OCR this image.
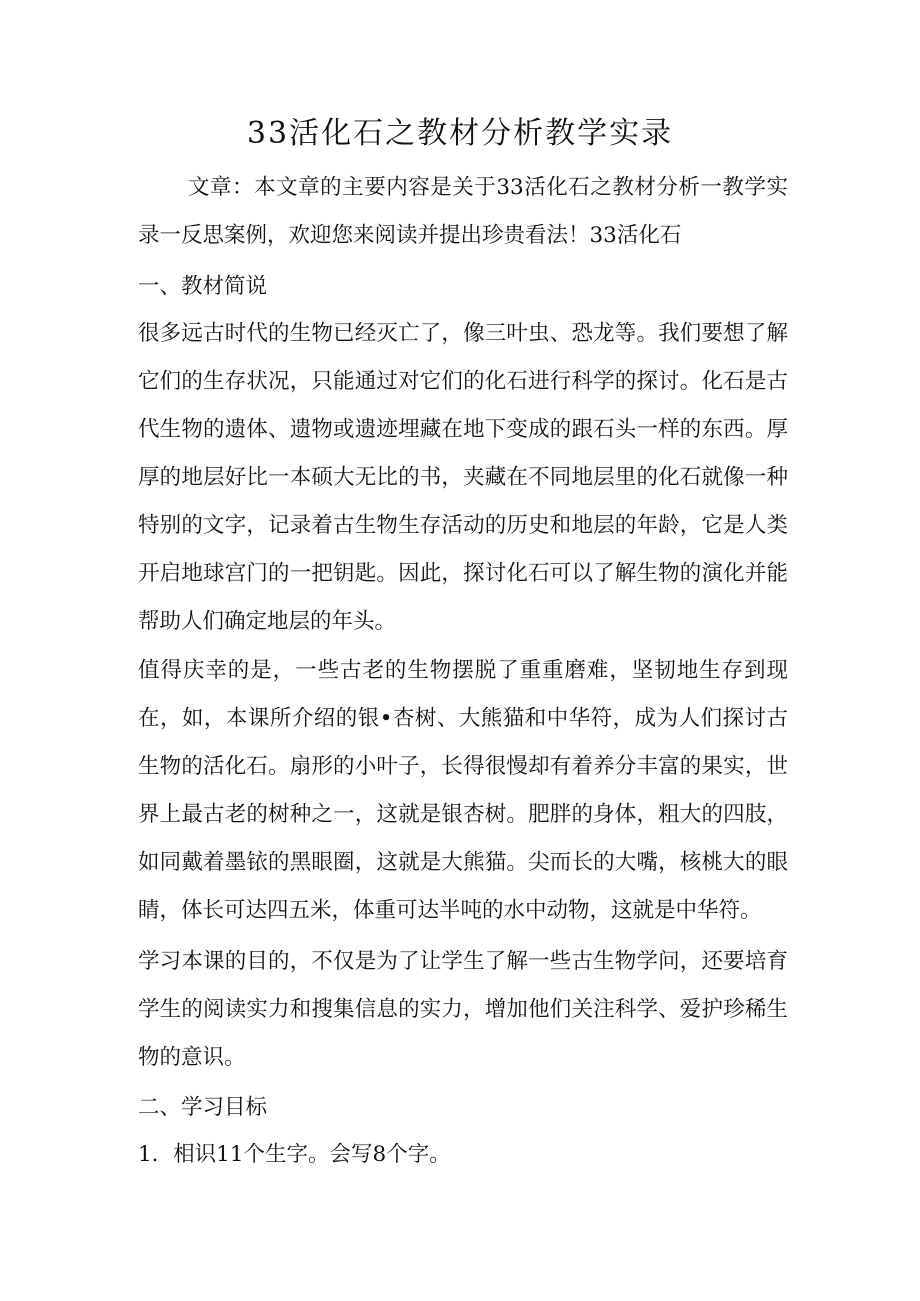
33活化石之教材分析教学实录

文章：本文章的主要内容是关于33活化石之教材分析一教学实录一反思案例，欢迎您来阅读并提出珍贵看法！33活化石

一、教材简说

很多远古时代的生物已经灭亡了，像三叶虫、恐龙等。我们要想了解它们的生存状况，只能通过对它们的化石进行科学的探讨。化石是古代生物的遗体、遗物或遗迹埋藏在地下变成的跟石头一样的东西。厚厚的地层好比一本硕大无比的书，夹藏在不同地层里的化石就像一种特别的文字，记录着古生物生存活动的历史和地层的年龄，它是人类开启地球宫门的一把钥匙。因此，探讨化石可以了解生物的演化并能帮助人们确定地层的年头。

值得庆幸的是，一些古老的生物摆脱了重重磨难，坚韧地生存到现在，如，本课所介绍的银•杏树、大熊猫和中华符，成为人们探讨古生物的活化石。扇形的小叶子，长得很慢却有着养分丰富的果实，世界上最古老的树种之一，这就是银杏树。肥胖的身体，粗大的四肢，如同戴着墨铱的黑眼圈，这就是大熊猫。尖而长的大嘴，核桃大的眼睛，体长可达四五米，体重可达半吨的水中动物，这就是中华符。

学习本课的目的，不仅是为了让学生了解一些古生物学问，还要培育学生的阅读实力和搜集信息的实力，增加他们关注科学、爱护珍稀生物的意识。

二、学习目标

1．相识11个生字。会写8个字。
